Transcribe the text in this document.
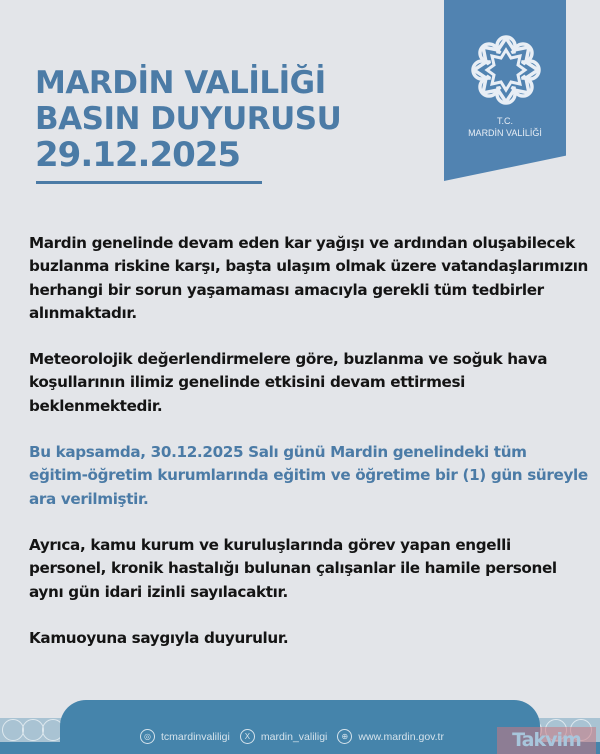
MARDİN VALİLİĞİ
BASIN DUYURUSU
29.12.2025
T.C.
MARDİN VALİLİĞİ

Mardin genelinde devam eden kar yağışı ve ardından oluşabilecek buzlanma riskine karşı, başta ulaşım olmak üzere vatandaşlarımızın herhangi bir sorun yaşamaması amacıyla gerekli tüm tedbirler alınmaktadır.

Meteorolojik değerlendirmelere göre, buzlanma ve soğuk hava koşullarının ilimiz genelinde etkisini devam ettirmesi beklenmektedir.

Bu kapsamda, 30.12.2025 Salı günü Mardin genelindeki tüm eğitim-öğretim kurumlarında eğitim ve öğretime bir (1) gün süreyle ara verilmiştir.

Ayrıca, kamu kurum ve kuruluşlarında görev yapan engelli personel, kronik hastalığı bulunan çalışanlar ile hamile personel aynı gün idari izinli sayılacaktır.

Kamuoyuna saygıyla duyurulur.

◎ tcmardinvaliligi	X	mardin_valiligi	⊕ www.mardin.gov.tr	Takvim
